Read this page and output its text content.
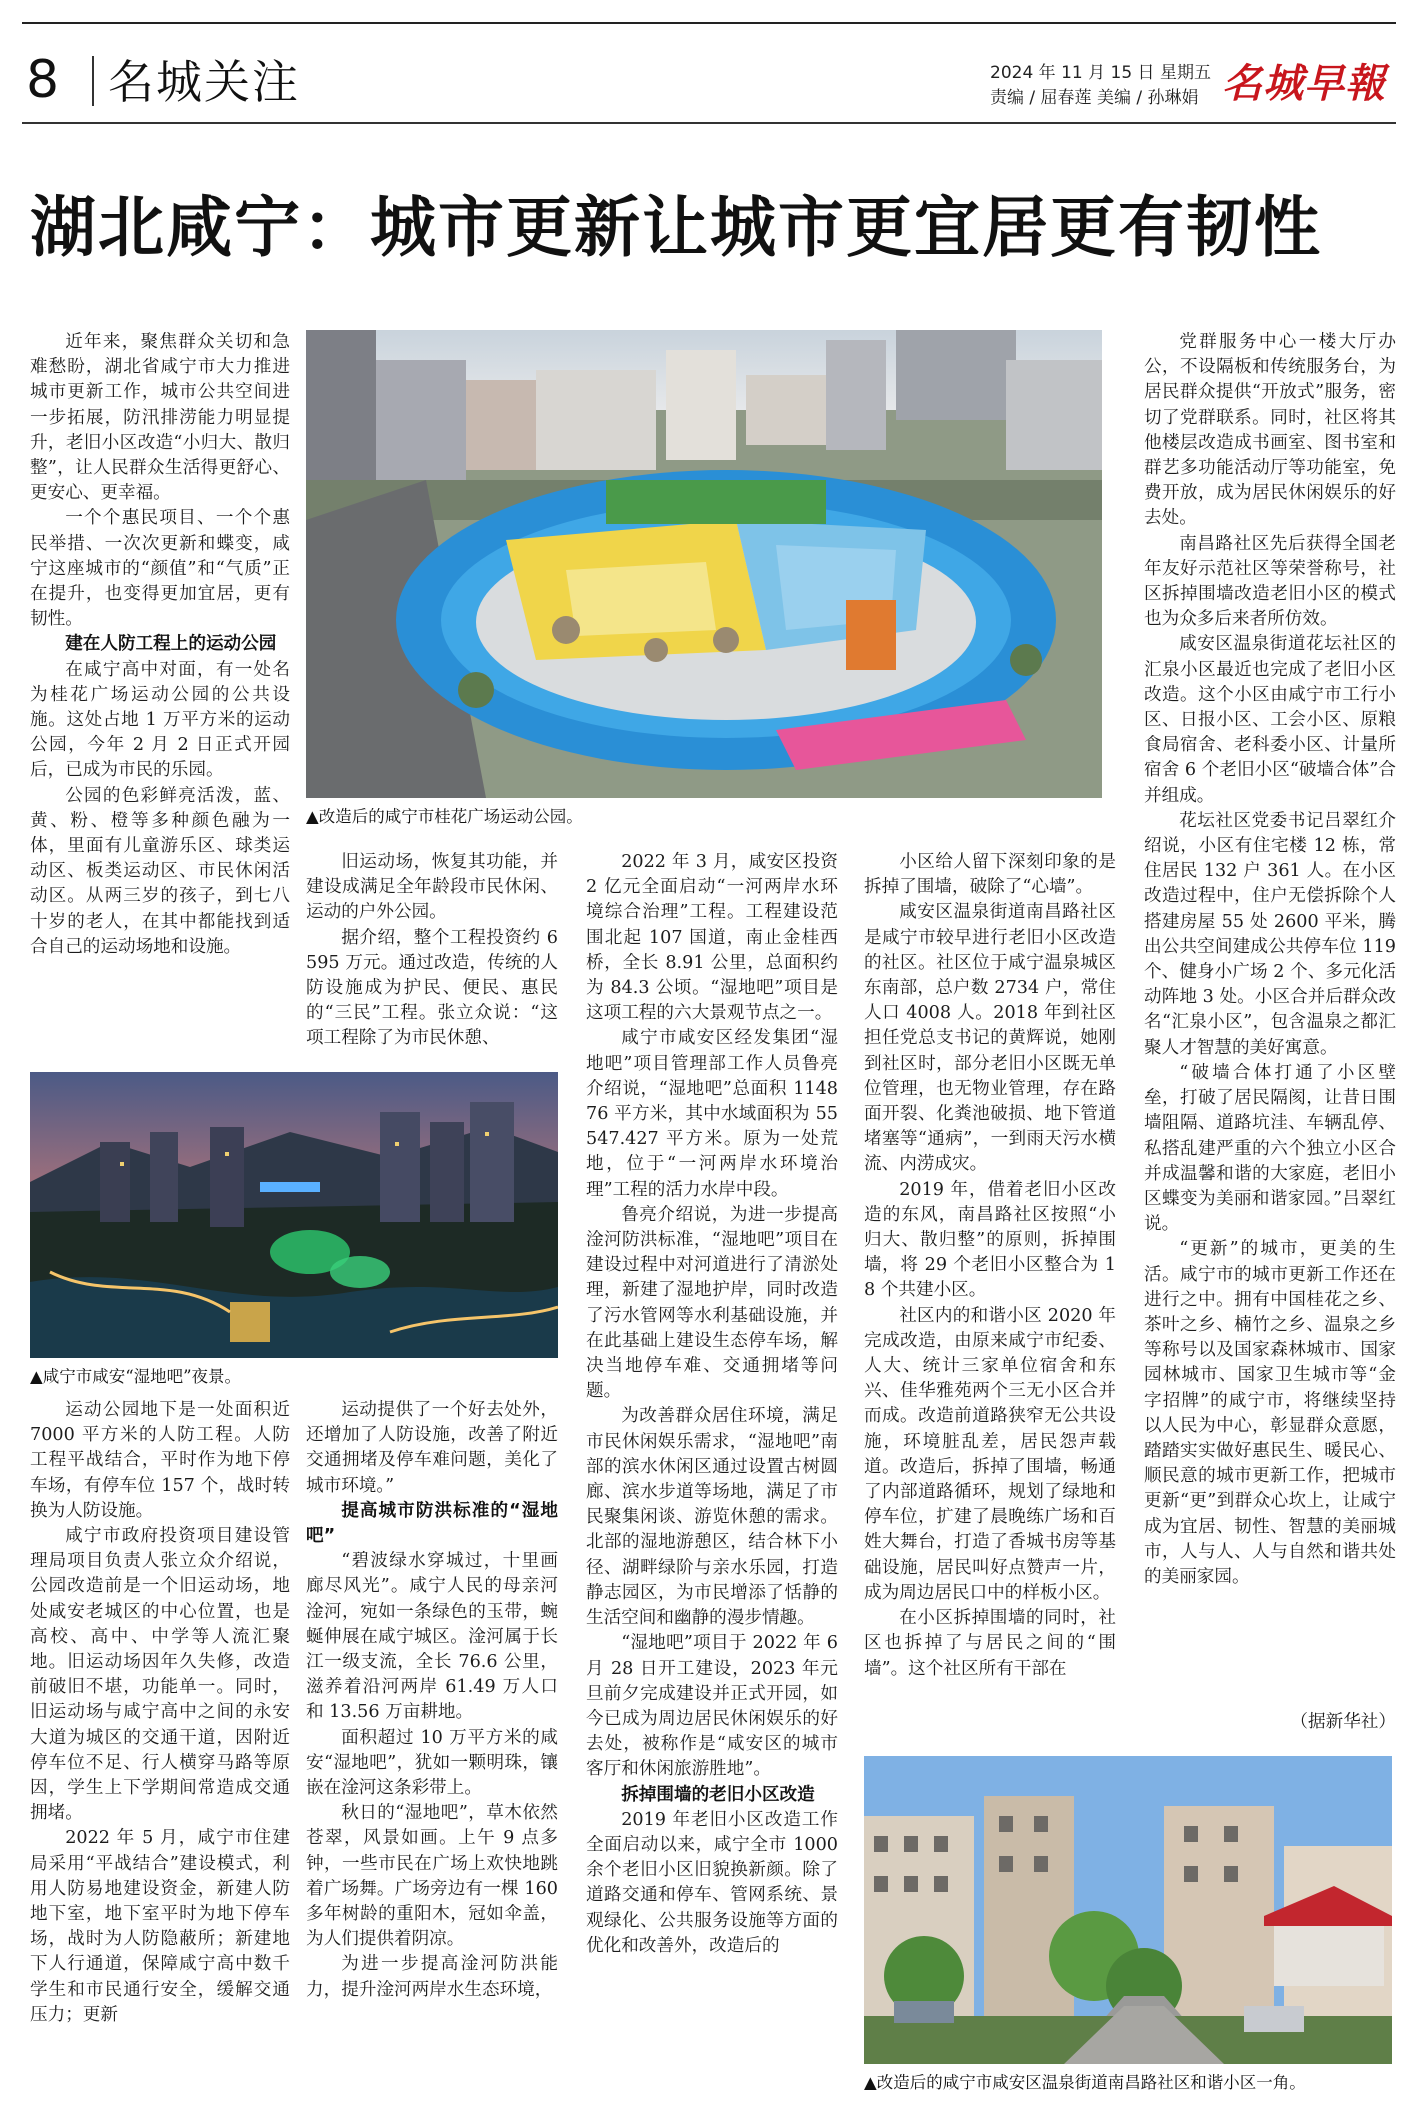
8 名城关注	2024 年 11 月 15 日 星期五
责编 / 屈春莲 美编 / 孙琳娟 名城早報
湖北咸宁：城市更新让城市更宜居更有韧性
▲改造后的咸宁市桂花广场运动公园。
▲咸宁市咸安“湿地吧”夜景。
▲改造后的咸宁市咸安区温泉街道南昌路社区和谐小区一角。

近年来，聚焦群众关切和急难愁盼，湖北省咸宁市大力推进城市更新工作，城市公共空间进一步拓展，防汛排涝能力明显提升，老旧小区改造“小归大、散归整”，让人民群众生活得更舒心、更安心、更幸福。

一个个惠民项目、一个个惠民举措、一次次更新和蝶变，咸宁这座城市的“颜值”和“气质”正在提升，也变得更加宜居，更有韧性。

建在人防工程上的运动公园

在咸宁高中对面，有一处名为桂花广场运动公园的公共设施。这处占地 1 万平方米的运动公园，今年 2 月 2 日正式开园后，已成为市民的乐园。

公园的色彩鲜亮活泼，蓝、黄、粉、橙等多种颜色融为一体，里面有儿童游乐区、球类运动区、板类运动区、市民休闲活动区。从两三岁的孩子，到七八十岁的老人，在其中都能找到适合自己的运动场地和设施。

运动公园地下是一处面积近 7000 平方米的人防工程。人防工程平战结合，平时作为地下停车场，有停车位 157 个，战时转换为人防设施。

咸宁市政府投资项目建设管理局项目负责人张立众介绍说，公园改造前是一个旧运动场，地处咸安老城区的中心位置，也是高校、高中、中学等人流汇聚地。旧运动场因年久失修，改造前破旧不堪，功能单一。同时，旧运动场与咸宁高中之间的永安大道为城区的交通干道，因附近停车位不足、行人横穿马路等原因，学生上下学期间常造成交通拥堵。

2022 年 5 月，咸宁市住建局采用“平战结合”建设模式，利用人防易地建设资金，新建人防地下室，地下室平时为地下停车场，战时为人防隐蔽所；新建地下人行通道，保障咸宁高中数千学生和市民通行安全，缓解交通压力；更新

旧运动场，恢复其功能，并建设成满足全年龄段市民休闲、运动的户外公园。

据介绍，整个工程投资约 6595 万元。通过改造，传统的人防设施成为护民、便民、惠民的“三民”工程。张立众说：“这项工程除了为市民休憩、

运动提供了一个好去处外，还增加了人防设施，改善了附近交通拥堵及停车难问题，美化了城市环境。”

提高城市防洪标准的“湿地吧”

“碧波绿水穿城过，十里画廊尽风光”。咸宁人民的母亲河淦河，宛如一条绿色的玉带，蜿蜒伸展在咸宁城区。淦河属于长江一级支流，全长 76.6 公里，滋养着沿河两岸 61.49 万人口和 13.56 万亩耕地。

面积超过 10 万平方米的咸安“湿地吧”，犹如一颗明珠，镶嵌在淦河这条彩带上。

秋日的“湿地吧”，草木依然苍翠，风景如画。上午 9 点多钟，一些市民在广场上欢快地跳着广场舞。广场旁边有一棵 160 多年树龄的重阳木，冠如伞盖，为人们提供着阴凉。

为进一步提高淦河防洪能力，提升淦河两岸水生态环境，

2022 年 3 月，咸安区投资 2 亿元全面启动“一河两岸水环境综合治理”工程。工程建设范围北起 107 国道，南止金桂西桥，全长 8.91 公里，总面积约为 84.3 公顷。“湿地吧”项目是这项工程的六大景观节点之一。

咸宁市咸安区经发集团“湿地吧”项目管理部工作人员鲁亮介绍说，“湿地吧”总面积 114876 平方米，其中水域面积为 55547.427 平方米。原为一处荒地，位于“一河两岸水环境治理”工程的活力水岸中段。

鲁亮介绍说，为进一步提高淦河防洪标准，“湿地吧”项目在建设过程中对河道进行了清淤处理，新建了湿地护岸，同时改造了污水管网等水利基础设施，并在此基础上建设生态停车场，解决当地停车难、交通拥堵等问题。

为改善群众居住环境，满足市民休闲娱乐需求，“湿地吧”南部的滨水休闲区通过设置古树圆廊、滨水步道等场地，满足了市民聚集闲谈、游览休憩的需求。北部的湿地游憩区，结合林下小径、湖畔绿阶与亲水乐园，打造静志园区，为市民增添了恬静的生活空间和幽静的漫步情趣。

“湿地吧”项目于 2022 年 6 月 28 日开工建设，2023 年元旦前夕完成建设并正式开园，如今已成为周边居民休闲娱乐的好去处，被称作是“咸安区的城市客厅和休闲旅游胜地”。

拆掉围墙的老旧小区改造

2019 年老旧小区改造工作全面启动以来，咸宁全市 1000 余个老旧小区旧貌换新颜。除了道路交通和停车、管网系统、景观绿化、公共服务设施等方面的优化和改善外，改造后的

小区给人留下深刻印象的是拆掉了围墙，破除了“心墙”。

咸安区温泉街道南昌路社区是咸宁市较早进行老旧小区改造的社区。社区位于咸宁温泉城区东南部，总户数 2734 户，常住人口 4008 人。2018 年到社区担任党总支书记的黄辉说，她刚到社区时，部分老旧小区既无单位管理，也无物业管理，存在路面开裂、化粪池破损、地下管道堵塞等“通病”，一到雨天污水横流、内涝成灾。

2019 年，借着老旧小区改造的东风，南昌路社区按照“小归大、散归整”的原则，拆掉围墙，将 29 个老旧小区整合为 18 个共建小区。

社区内的和谐小区 2020 年完成改造，由原来咸宁市纪委、人大、统计三家单位宿舍和东兴、佳华雅苑两个三无小区合并而成。改造前道路狭窄无公共设施，环境脏乱差，居民怨声载道。改造后，拆掉了围墙，畅通了内部道路循环，规划了绿地和停车位，扩建了晨晚练广场和百姓大舞台，打造了香城书房等基础设施，居民叫好点赞声一片，成为周边居民口中的样板小区。

在小区拆掉围墙的同时，社区也拆掉了与居民之间的“围墙”。这个社区所有干部在

党群服务中心一楼大厅办公，不设隔板和传统服务台，为居民群众提供“开放式”服务，密切了党群联系。同时，社区将其他楼层改造成书画室、图书室和群艺多功能活动厅等功能室，免费开放，成为居民休闲娱乐的好去处。

南昌路社区先后获得全国老年友好示范社区等荣誉称号，社区拆掉围墙改造老旧小区的模式也为众多后来者所仿效。

咸安区温泉街道花坛社区的汇泉小区最近也完成了老旧小区改造。这个小区由咸宁市工行小区、日报小区、工会小区、原粮食局宿舍、老科委小区、计量所宿舍 6 个老旧小区“破墙合体”合并组成。

花坛社区党委书记吕翠红介绍说，小区有住宅楼 12 栋，常住居民 132 户 361 人。在小区改造过程中，住户无偿拆除个人搭建房屋 55 处 2600 平米，腾出公共空间建成公共停车位 119 个、健身小广场 2 个、多元化活动阵地 3 处。小区合并后群众改名“汇泉小区”，包含温泉之都汇聚人才智慧的美好寓意。

“破墙合体打通了小区壁垒，打破了居民隔阂，让昔日围墙阻隔、道路坑洼、车辆乱停、私搭乱建严重的六个独立小区合并成温馨和谐的大家庭，老旧小区蝶变为美丽和谐家园。”吕翠红说。

“更新”的城市，更美的生活。咸宁市的城市更新工作还在进行之中。拥有中国桂花之乡、茶叶之乡、楠竹之乡、温泉之乡等称号以及国家森林城市、国家园林城市、国家卫生城市等“金字招牌”的咸宁市，将继续坚持以人民为中心，彰显群众意愿，踏踏实实做好惠民生、暖民心、顺民意的城市更新工作，把城市更新“更”到群众心坎上，让咸宁成为宜居、韧性、智慧的美丽城市，人与人、人与自然和谐共处的美丽家园。

（据新华社）
